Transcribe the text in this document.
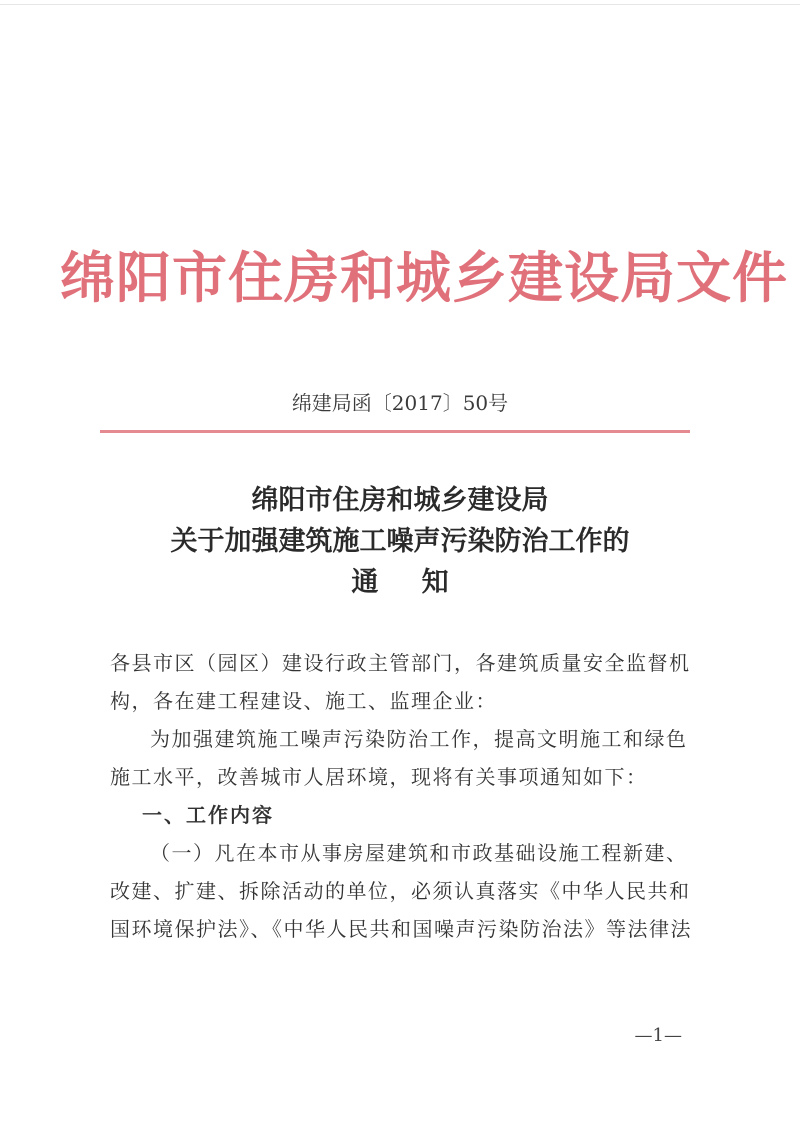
绵阳市住房和城乡建设局文件
绵建局函〔2017〕50号
绵阳市住房和城乡建设局
关于加强建筑施工噪声污染防治工作的
通知

各县市区（园区）建设行政主管部门，各建筑质量安全监督机构，各在建工程建设、施工、监理企业：

为加强建筑施工噪声污染防治工作，提高文明施工和绿色施工水平，改善城市人居环境，现将有关事项通知如下：

一、工作内容

（一）凡在本市从事房屋建筑和市政基础设施工程新建、改建、扩建、拆除活动的单位，必须认真落实《中华人民共和国环境保护法》、《中华人民共和国噪声污染防治法》等法律法

—1—
